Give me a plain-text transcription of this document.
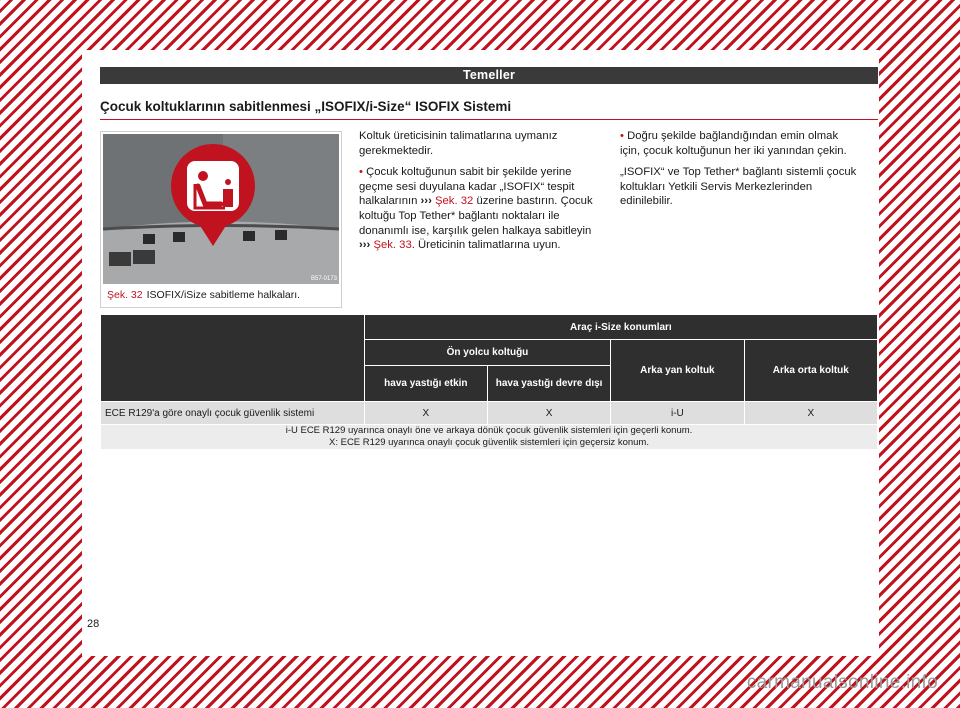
Temeller
Çocuk koltuklarının sabitlenmesi „ISOFIX/i-Size“ ISOFIX Sistemi
B57-0173
Şek. 32 ISOFIX/iSize sabitleme halkaları.

Koltuk üreticisinin talimatlarına uymanız gerekmektedir.

• Çocuk koltuğunun sabit bir şekilde yerine geçme sesi duyulana kadar „ISOFIX“ tespit halkalarının ››› Şek. 32 üzerine bastırın. Çocuk koltuğu Top Tether* bağlantı noktaları ile donanımlı ise, karşılık gelen halkaya sabitleyin ››› Şek. 33. Üreticinin talimatlarına uyun.

• Doğru şekilde bağlandığından emin olmak için, çocuk koltuğunun her iki yanından çekin.

„ISOFIX“ ve Top Tether* bağlantı sistemli çocuk koltukları Yetkili Servis Merkezlerinden edinilebilir.

	Araç i-Size konumları			
	Ön yolcu koltuğu		Arka yan koltuk	Arka orta koltuk
	hava yastığı etkin	hava yastığı devre dışı		
ECE R129'a göre onaylı çocuk güvenlik sistemi	X	X	i-U	X

i-U ECE R129 uyarınca onaylı öne ve arkaya dönük çocuk güvenlik sistemleri için geçerli konum.
X: ECE R129 uyarınca onaylı çocuk güvenlik sistemleri için geçersiz konum.				
28
carmanualsonline.info
